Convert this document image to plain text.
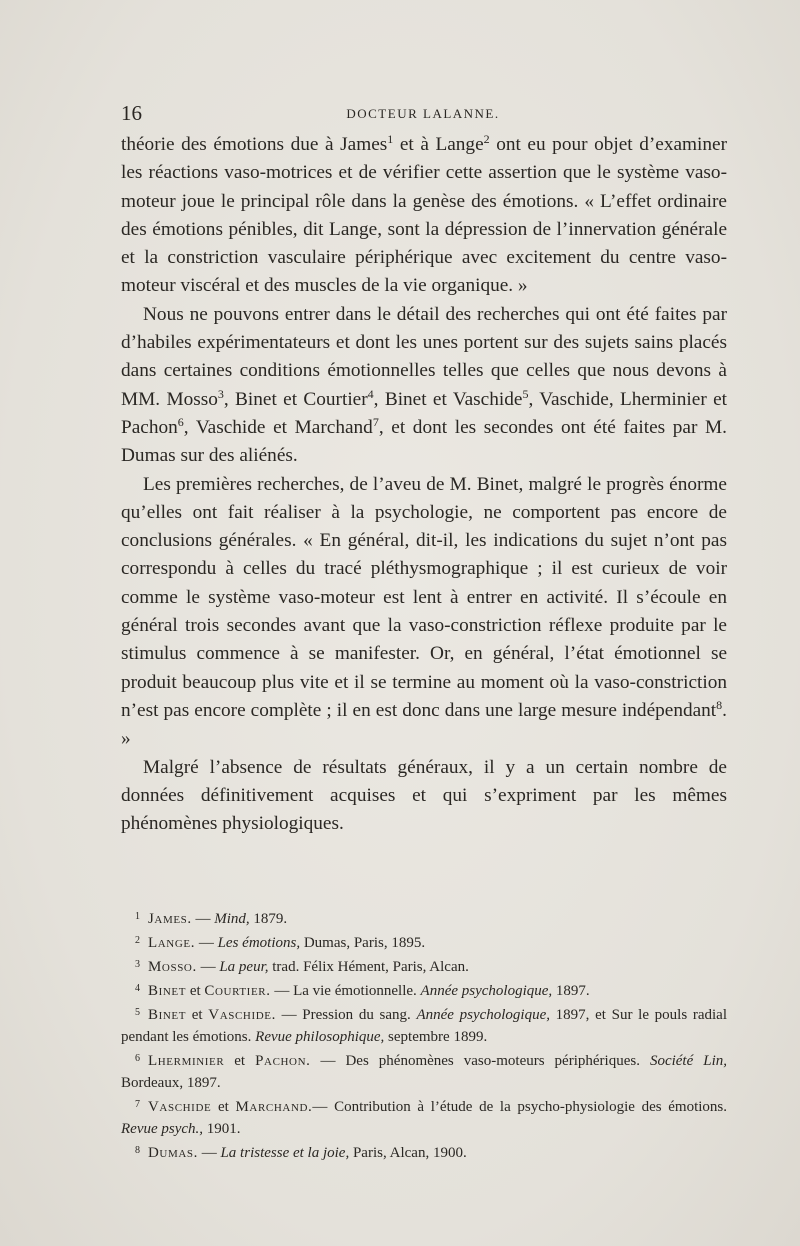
16	DOCTEUR LALANNE.

théorie des émotions due à James$^1$ et à Lange$^2$ ont eu pour objet d’examiner les réactions vaso-motrices et de vérifier cette assertion que le système vaso-moteur joue le principal rôle dans la genèse des émotions. « L’effet ordinaire des émotions pénibles, dit Lange, sont la dépression de l’innervation générale et la constriction vasculaire périphérique avec excitement du centre vaso-moteur viscéral et des muscles de la vie organique. »

Nous ne pouvons entrer dans le détail des recherches qui ont été faites par d’habiles expérimentateurs et dont les unes portent sur des sujets sains placés dans certaines conditions émotionnelles telles que celles que nous devons à MM. Mosso$^3$, Binet et Courtier$^4$, Binet et Vaschide$^5$, Vaschide, Lherminier et Pachon$^6$, Vaschide et Marchand$^7$, et dont les secondes ont été faites par M. Dumas sur des aliénés.

Les premières recherches, de l’aveu de M. Binet, malgré le progrès énorme qu’elles ont fait réaliser à la psychologie, ne comportent pas encore de conclusions générales. « En général, dit-il, les indications du sujet n’ont pas correspondu à celles du tracé pléthysmographique ; il est curieux de voir comme le système vaso-moteur est lent à entrer en activité. Il s’écoule en général trois secondes avant que la vaso-constriction réflexe produite par le stimulus commence à se manifester. Or, en général, l’état émotionnel se produit beaucoup plus vite et il se termine au moment où la vaso-constriction n’est pas encore complète ; il en est donc dans une large mesure indépendant$^8$. »

Malgré l’absence de résultats généraux, il y a un certain nombre de données définitivement acquises et qui s’expriment par les mêmes phénomènes physiologiques.

$^1$ James. — Mind, 1879.

$^2$ Lange. — Les émotions, Dumas, Paris, 1895.

$^3$ Mosso. — La peur, trad. Félix Hément, Paris, Alcan.

$^4$ Binet et Courtier. — La vie émotionnelle. Année psychologique, 1897.

$^5$ Binet et Vaschide. — Pression du sang. Année psychologique, 1897, et Sur le pouls radial pendant les émotions. Revue philosophique, septembre 1899.

$^6$ Lherminier et Pachon. — Des phénomènes vaso-moteurs périphériques. Société Lin, Bordeaux, 1897.

$^7$ Vaschide et Marchand.— Contribution à l’étude de la psycho-physiologie des émotions. Revue psych., 1901.

$^8$ Dumas. — La tristesse et la joie, Paris, Alcan, 1900.
